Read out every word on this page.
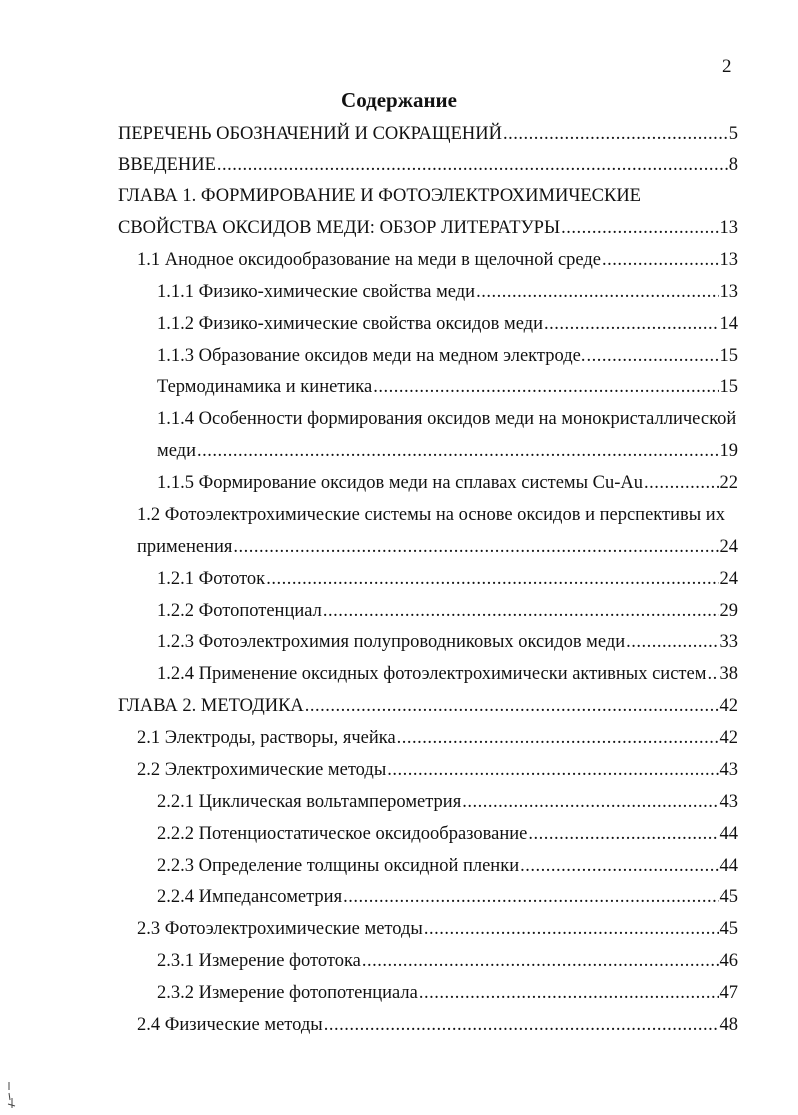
2
Содержание
ПЕРЕЧЕНЬ ОБОЗНАЧЕНИЙ И СОКРАЩЕНИЙ .....	5
ВВЕДЕНИЕ .....	8
ГЛАВА 1. ФОРМИРОВАНИЕ И ФОТОЭЛЕКТРОХИМИЧЕСКИЕ
СВОЙСТВА ОКСИДОВ МЕДИ: ОБЗОР ЛИТЕРАТУРЫ .....	13
1.1 Анодное оксидообразование на меди в щелочной среде .....	13
1.1.1 Физико-химические свойства меди .....	13
1.1.2 Физико-химические свойства оксидов меди .....	14
1.1.3 Образование оксидов меди на медном электроде. .....	15
Термодинамика и кинетика .....	15
1.1.4 Особенности формирования оксидов меди на монокристаллической
меди .....	19
1.1.5 Формирование оксидов меди на сплавах системы Cu-Au .....	22
1.2 Фотоэлектрохимические системы на основе оксидов и перспективы их
применения .....	24
1.2.1 Фототок .....	24
1.2.2 Фотопотенциал .....	29
1.2.3 Фотоэлектрохимия полупроводниковых оксидов меди .....	33
1.2.4 Применение оксидных фотоэлектрохимически активных систем ..... 38
ГЛАВА 2. МЕТОДИКА .....	42
2.1 Электроды, растворы, ячейка .....	42
2.2 Электрохимические методы .....	43
2.2.1 Циклическая вольтамперометрия .....	43
2.2.2 Потенциостатическое оксидообразование .....	44
2.2.3 Определение толщины оксидной пленки .....	44
2.2.4 Импедансометрия .....	45
2.3 Фотоэлектрохимические методы .....	45
2.3.1 Измерение фототока .....	46
2.3.2 Измерение фотопотенциала .....	47
2.4 Физические методы .....	48
